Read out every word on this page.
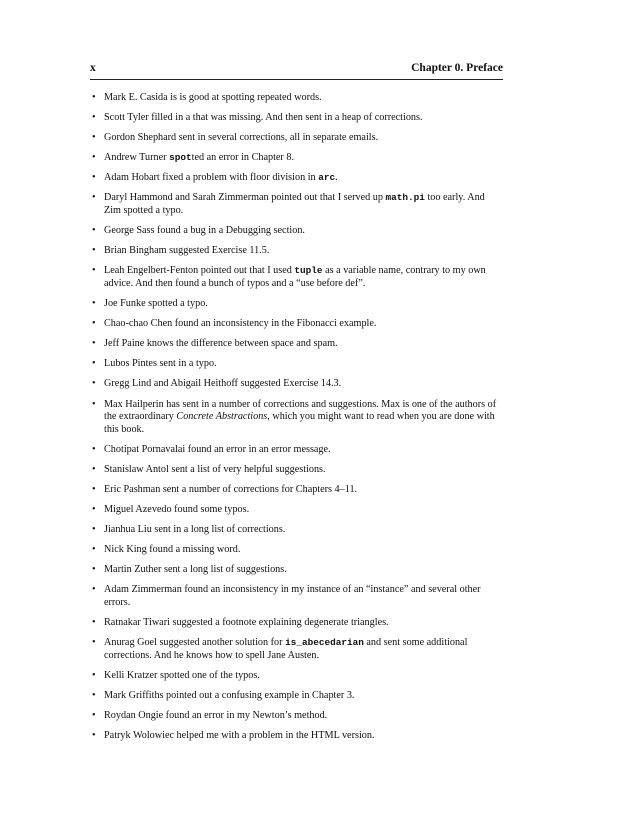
x	Chapter 0. Preface
• Mark E. Casida is is good at spotting repeated words.
• Scott Tyler filled in a that was missing. And then sent in a heap of corrections.
• Gordon Shephard sent in several corrections, all in separate emails.
• Andrew Turner spotted an error in Chapter 8.
• Adam Hobart fixed a problem with floor division in arc.
• Daryl Hammond and Sarah Zimmerman pointed out that I served up math.pi too early. And Zim spotted a typo.
• George Sass found a bug in a Debugging section.
• Brian Bingham suggested Exercise 11.5.
• Leah Engelbert-Fenton pointed out that I used tuple as a variable name, contrary to my own advice. And then found a bunch of typos and a “use before def”.
• Joe Funke spotted a typo.
• Chao-chao Chen found an inconsistency in the Fibonacci example.
• Jeff Paine knows the difference between space and spam.
• Lubos Pintes sent in a typo.
• Gregg Lind and Abigail Heithoff suggested Exercise 14.3.
• Max Hailperin has sent in a number of corrections and suggestions. Max is one of the authors of the extraordinary Concrete Abstractions, which you might want to read when you are done with this book.
• Chotipat Pornavalai found an error in an error message.
• Stanislaw Antol sent a list of very helpful suggestions.
• Eric Pashman sent a number of corrections for Chapters 4–11.
• Miguel Azevedo found some typos.
• Jianhua Liu sent in a long list of corrections.
• Nick King found a missing word.
• Martin Zuther sent a long list of suggestions.
• Adam Zimmerman found an inconsistency in my instance of an “instance” and several other errors.
• Ratnakar Tiwari suggested a footnote explaining degenerate triangles.
• Anurag Goel suggested another solution for is_abecedarian and sent some additional corrections. And he knows how to spell Jane Austen.
• Kelli Kratzer spotted one of the typos.
• Mark Griffiths pointed out a confusing example in Chapter 3.
• Roydan Ongie found an error in my Newton’s method.
• Patryk Wolowiec helped me with a problem in the HTML version.
